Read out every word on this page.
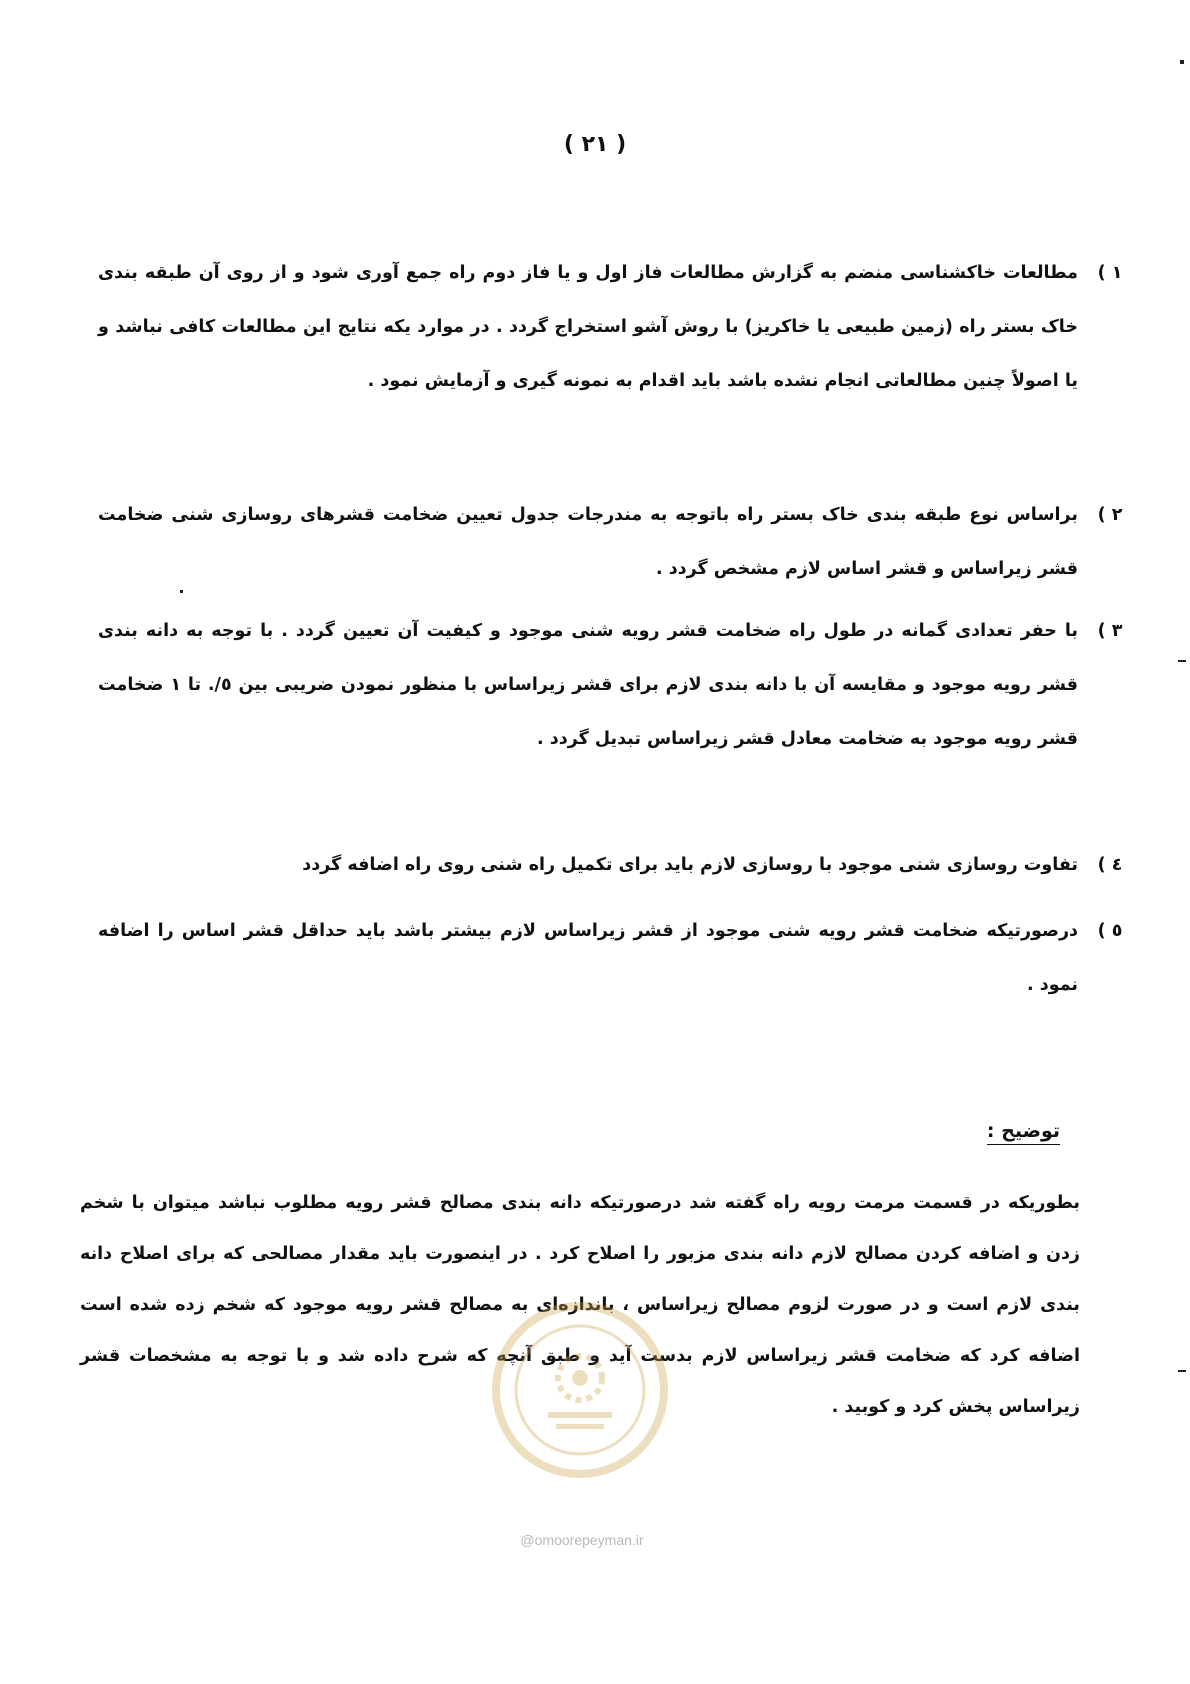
( ٢١ )
١ )
مطالعات خاکشناسی منضم به گزارش مطالعات فاز اول و یا فاز دوم راه جمع آوری شود و از روی آن طبقه بندی خاک بستر راه (زمین طبیعی یا خاکریز) با روش آشو استخراج گردد . در موارد یکه نتایج این مطالعات کافی نباشد و یا اصولاً چنین مطالعاتی انجام نشده باشد باید اقدام به نمونه گیری و آزمایش نمود .
٢ )
براساس نوع طبقه بندی خاک بستر راه باتوجه به مندرجات جدول تعیین ضخامت قشرهای روسازی شنی ضخامت قشر زیراساس و قشر اساس لازم مشخص گردد .
٣ )
با حفر تعدادی گمانه در طول راه ضخامت قشر رویه شنی موجود و کیفیت آن تعیین گردد . با توجه به دانه بندی قشر رویه موجود و مقایسه آن با دانه بندی لازم برای قشر زیراساس با منظور نمودن ضریبی بین ٥/. تا ١ ضخامت قشر رویه موجود به ضخامت معادل قشر زیراساس تبدیل گردد .
٤ )
تفاوت روسازی شنی موجود با روسازی لازم باید برای تکمیل راه شنی روی راه اضافه گردد
٥ )
درصورتیکه ضخامت قشر رویه شنی موجود از قشر زیراساس لازم بیشتر باشد باید حداقل قشر اساس را اضافه نمود .
توضیح :
بطوریکه در قسمت مرمت رویه راه گفته شد درصورتیکه دانه بندی مصالح قشر رویه مطلوب نباشد میتوان با شخم زدن و اضافه کردن مصالح لازم دانه بندی مزبور را اصلاح کرد . در اینصورت باید مقدار مصالحی که برای اصلاح دانه بندی لازم است و در صورت لزوم مصالح زیراساس ، باندازه‌ای به مصالح قشر رویه موجود که شخم زده شده است اضافه کرد که ضخامت قشر زیراساس لازم بدست آید و طبق آنچه که شرح داده شد و با توجه به مشخصات قشر زیراساس پخش کرد و کوبید .
@omoorepeyman.ir
